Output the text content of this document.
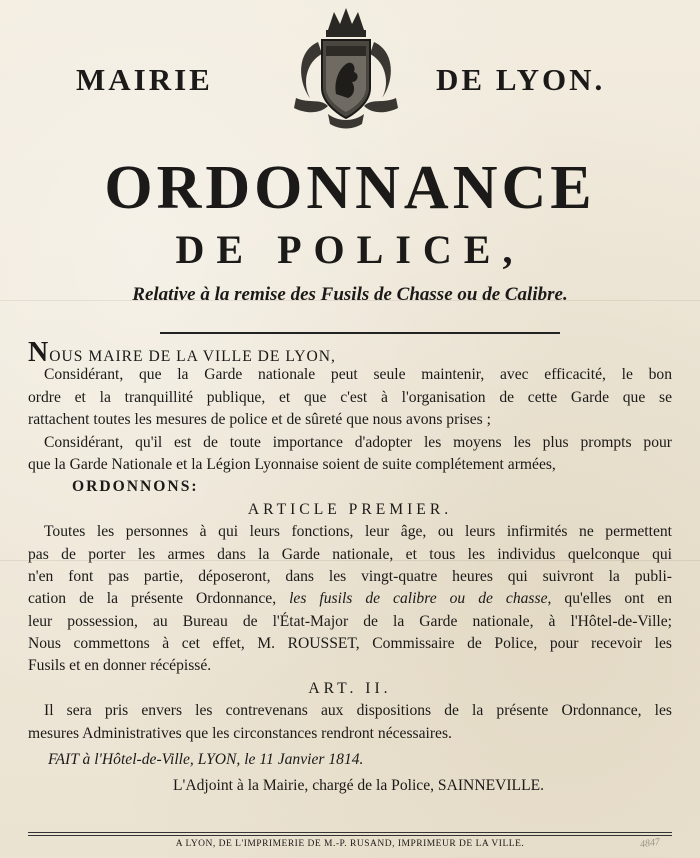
MAIRIE	DE LYON.
ORDONNANCE
DE POLICE,
Relative à la remise des Fusils de Chasse ou de Calibre.
NOUS MAIRE DE LA VILLE DE LYON,
Considérant, que la Garde nationale peut seule maintenir, avec efficacité, le bon
ordre et la tranquillité publique, et que c'est à l'organisation de cette Garde que se
rattachent toutes les mesures de police et de sûreté que nous avons prises ;
Considérant, qu'il est de toute importance d'adopter les moyens les plus prompts pour
que la Garde Nationale et la Légion Lyonnaise soient de suite complétement armées,
ORDONNONS:
ARTICLE PREMIER.
Toutes les personnes à qui leurs fonctions, leur âge, ou leurs infirmités ne permettent
pas de porter les armes dans la Garde nationale, et tous les individus quelconque qui
n'en font pas partie, déposeront, dans les vingt-quatre heures qui suivront la publi-
cation de la présente Ordonnance, les fusils de calibre ou de chasse, qu'elles ont en
leur possession, au Bureau de l'État-Major de la Garde nationale, à l'Hôtel-de-Ville;
Nous commettons à cet effet, M. ROUSSET, Commissaire de Police, pour recevoir les
Fusils et en donner récépissé.
ART. II.
Il sera pris envers les contrevenans aux dispositions de la présente Ordonnance, les
mesures Administratives que les circonstances rendront nécessaires.
FAIT à l'Hôtel-de-Ville, LYON, le 11 Janvier 1814.
L'Adjoint à la Mairie, chargé de la Police, SAINNEVILLE.
A LYON, DE L'IMPRIMERIE DE M.-P. RUSAND, IMPRIMEUR DE LA VILLE.	4847
